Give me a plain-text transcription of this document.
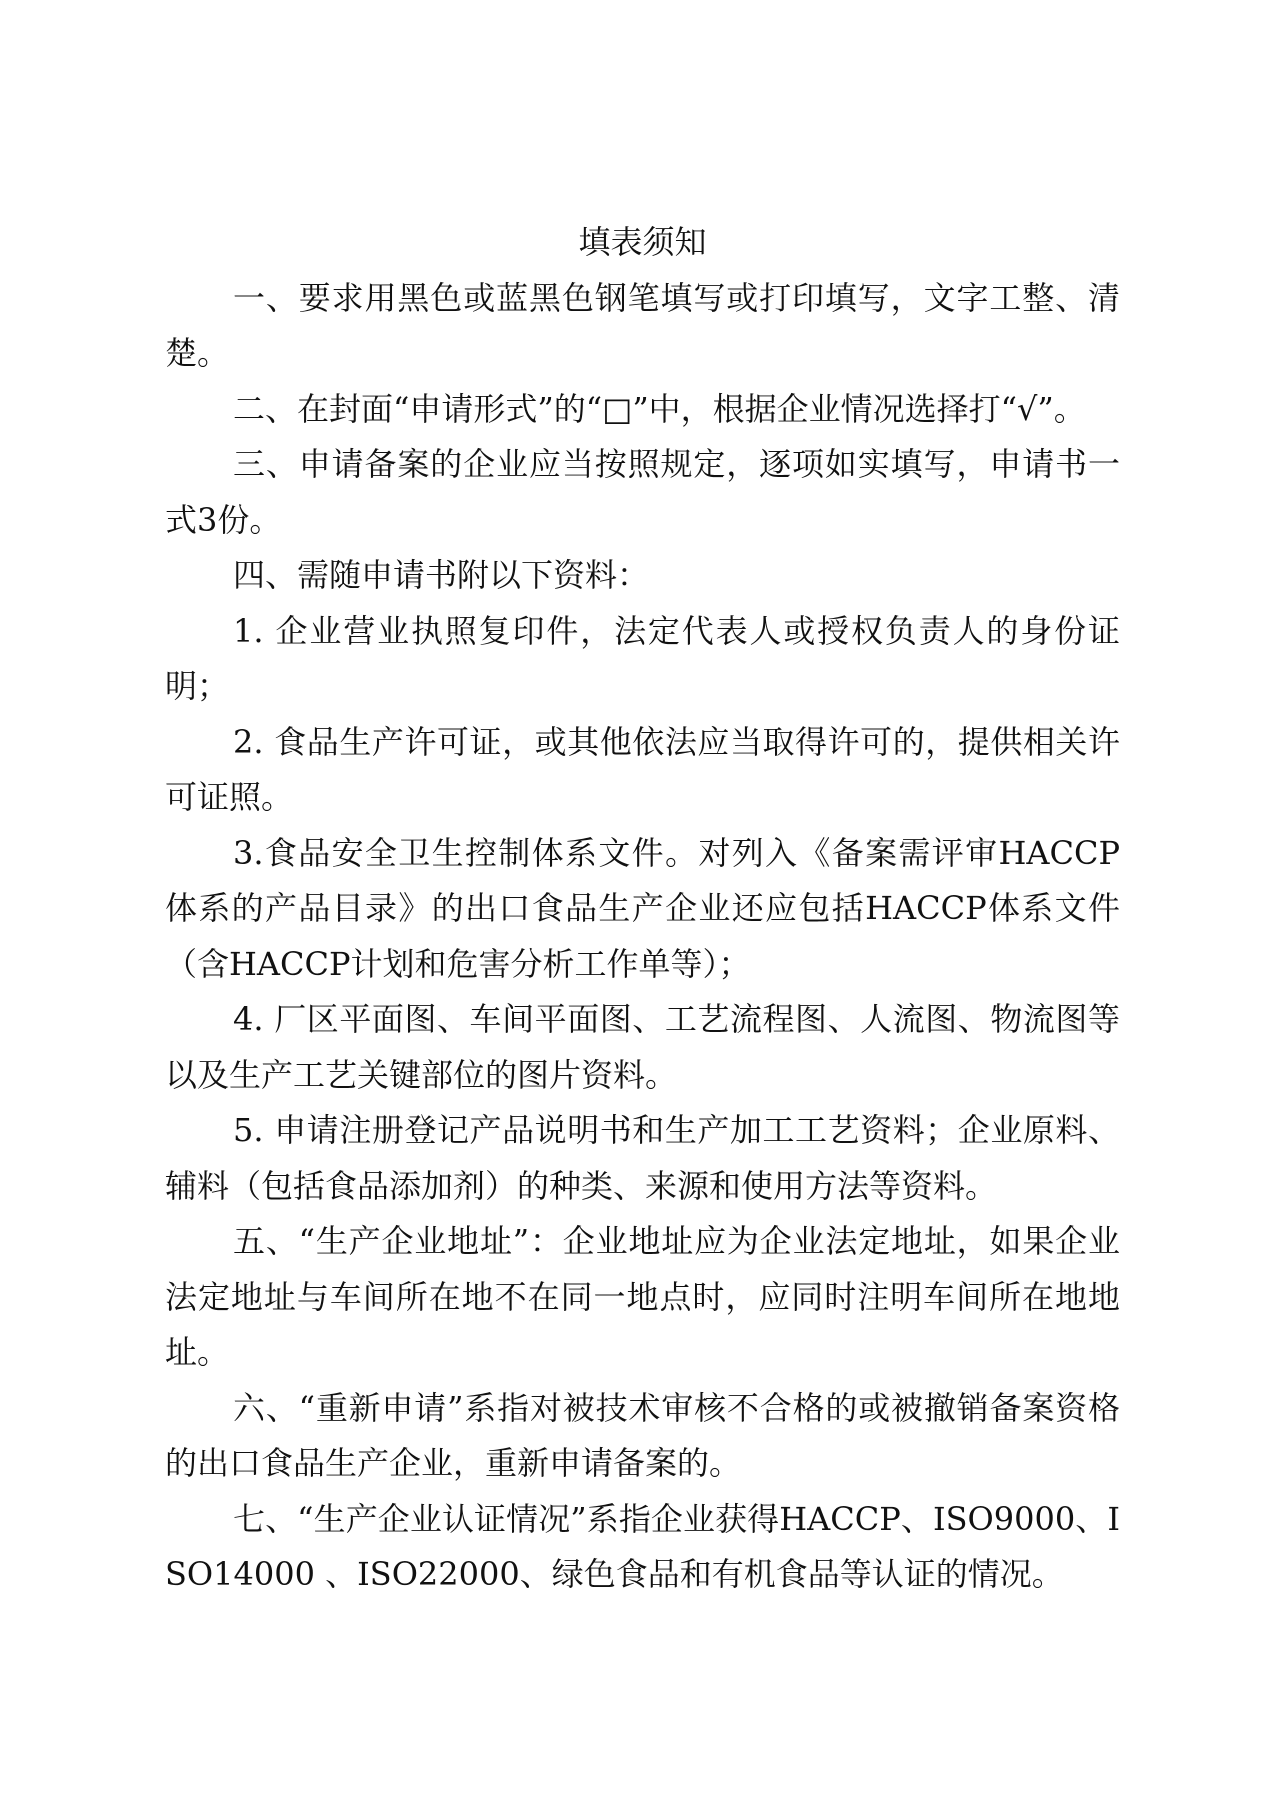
填表须知

一、要求用黑色或蓝黑色钢笔填写或打印填写，文字工整、清楚。

二、在封面“申请形式”的“□”中，根据企业情况选择打“√”。

三、申请备案的企业应当按照规定，逐项如实填写，申请书一式3份。

四、需随申请书附以下资料：

1. 企业营业执照复印件，法定代表人或授权负责人的身份证明；

2. 食品生产许可证，或其他依法应当取得许可的，提供相关许可证照。

3.食品安全卫生控制体系文件。对列入《备案需评审HACCP体系的产品目录》的出口食品生产企业还应包括HACCP体系文件（含HACCP计划和危害分析工作单等）；

4. 厂区平面图、车间平面图、工艺流程图、人流图、物流图等以及生产工艺关键部位的图片资料。

5. 申请注册登记产品说明书和生产加工工艺资料；企业原料、辅料（包括食品添加剂）的种类、来源和使用方法等资料。

五、“生产企业地址”：企业地址应为企业法定地址，如果企业法定地址与车间所在地不在同一地点时，应同时注明车间所在地地址。

六、“重新申请”系指对被技术审核不合格的或被撤销备案资格的出口食品生产企业，重新申请备案的。

七、“生产企业认证情况”系指企业获得HACCP、ISO9000、ISO14000 、ISO22000、绿色食品和有机食品等认证的情况。
